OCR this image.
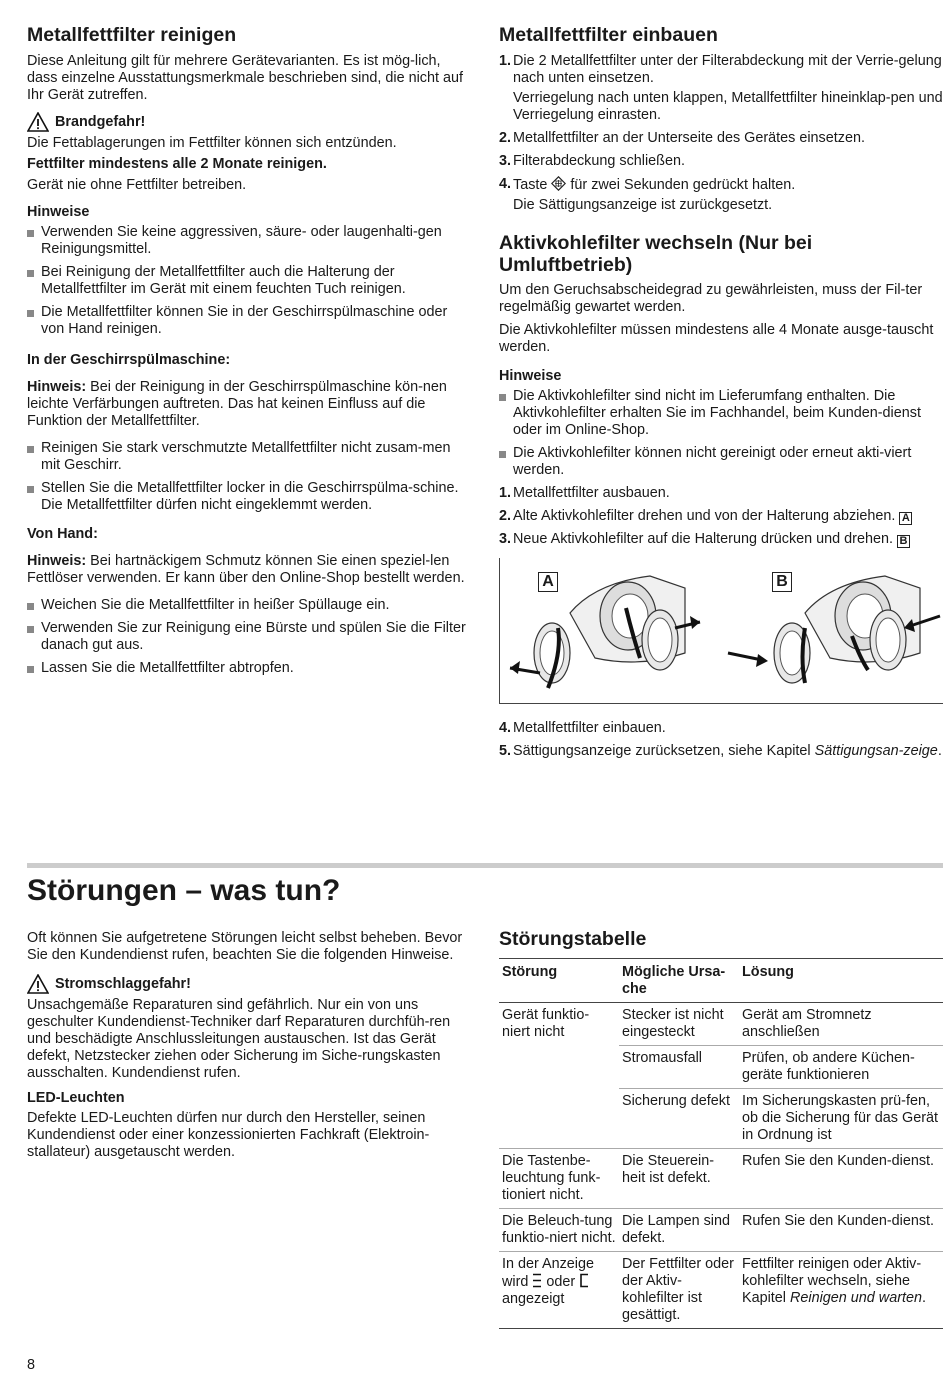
Metallfettfilter reinigen

Diese Anleitung gilt für mehrere Gerätevarianten. Es ist mög-lich, dass einzelne Ausstattungsmerkmale beschrieben sind, die nicht auf Ihr Gerät zutreffen.

Brandgefahr!

Die Fettablagerungen im Fettfilter können sich entzünden.

Fettfilter mindestens alle 2 Monate reinigen.

Gerät nie ohne Fettfilter betreiben.

Hinweise
Verwenden Sie keine aggressiven, säure- oder laugenhalti-gen Reinigungsmittel.
Bei Reinigung der Metallfettfilter auch die Halterung der Metallfettfilter im Gerät mit einem feuchten Tuch reinigen.
Die Metallfettfilter können Sie in der Geschirrspülmaschine oder von Hand reinigen.
In der Geschirrspülmaschine:

Hinweis: Bei der Reinigung in der Geschirrspülmaschine kön-nen leichte Verfärbungen auftreten. Das hat keinen Einfluss auf die Funktion der Metallfettfilter.

Reinigen Sie stark verschmutzte Metallfettfilter nicht zusam-men mit Geschirr.
Stellen Sie die Metallfettfilter locker in die Geschirrspülma-schine. Die Metallfettfilter dürfen nicht eingeklemmt werden.
Von Hand:

Hinweis: Bei hartnäckigem Schmutz können Sie einen speziel-len Fettlöser verwenden. Er kann über den Online-Shop bestellt werden.

Weichen Sie die Metallfettfilter in heißer Spüllauge ein.
Verwenden Sie zur Reinigung eine Bürste und spülen Sie die Filter danach gut aus.
Lassen Sie die Metallfettfilter abtropfen.
Metallfettfilter einbauen
1. Die 2 Metallfettfilter unter der Filterabdeckung mit der Verrie-gelung nach unten einsetzen.
Verriegelung nach unten klappen, Metallfettfilter hineinklap-pen und Verriegelung einrasten.
2. Metallfettfilter an der Unterseite des Gerätes einsetzen.
3. Filterabdeckung schließen.
4. Taste  für zwei Sekunden gedrückt halten.
Die Sättigungsanzeige ist zurückgesetzt.
Aktivkohlefilter wechseln (Nur bei Umluftbetrieb)

Um den Geruchsabscheidegrad zu gewährleisten, muss der Fil-ter regelmäßig gewartet werden.

Die Aktivkohlefilter müssen mindestens alle 4 Monate ausge-tauscht werden.

Hinweise
Die Aktivkohlefilter sind nicht im Lieferumfang enthalten. Die Aktivkohlefilter erhalten Sie im Fachhandel, beim Kunden-dienst oder im Online-Shop.
Die Aktivkohlefilter können nicht gereinigt oder erneut akti-viert werden.
1. Metallfettfilter ausbauen.
2. Alte Aktivkohlefilter drehen und von der Halterung abziehen. A
3. Neue Aktivkohlefilter auf die Halterung drücken und drehen. B
A	B
4. Metallfettfilter einbauen.
5. Sättigungsanzeige zurücksetzen, siehe Kapitel Sättigungsan-zeige.
Störungen – was tun?

Oft können Sie aufgetretene Störungen leicht selbst beheben. Bevor Sie den Kundendienst rufen, beachten Sie die folgenden Hinweise.

Stromschlaggefahr!

Unsachgemäße Reparaturen sind gefährlich. Nur ein von uns geschulter Kundendienst-Techniker darf Reparaturen durchfüh-ren und beschädigte Anschlussleitungen austauschen. Ist das Gerät defekt, Netzstecker ziehen oder Sicherung im Siche-rungskasten ausschalten. Kundendienst rufen.

LED-Leuchten

Defekte LED-Leuchten dürfen nur durch den Hersteller, seinen Kundendienst oder einer konzessionierten Fachkraft (Elektroin-stallateur) ausgetauscht werden.

Störungstabelle
Störung	Mögliche Ursa-che	Lösung
Gerät funktio-niert nicht	Stecker ist nicht eingesteckt	Gerät am Stromnetz anschließen
	Stromausfall	Prüfen, ob andere Küchen-geräte funktionieren
	Sicherung defekt	Im Sicherungskasten prü-fen, ob die Sicherung für das Gerät in Ordnung ist
Die Tastenbe-leuchtung funk-tioniert nicht.	Die Steuerein-heit ist defekt.	Rufen Sie den Kunden-dienst.
Die Beleuch-tung funktio-niert nicht.	Die Lampen sind defekt.	Rufen Sie den Kunden-dienst.
In der Anzeige wird  oder  angezeigt	Der Fettfilter oder der Aktiv-kohlefilter ist gesättigt.	Fettfilter reinigen oder Aktiv-kohlefilter wechseln, siehe Kapitel Reinigen und warten.
8
